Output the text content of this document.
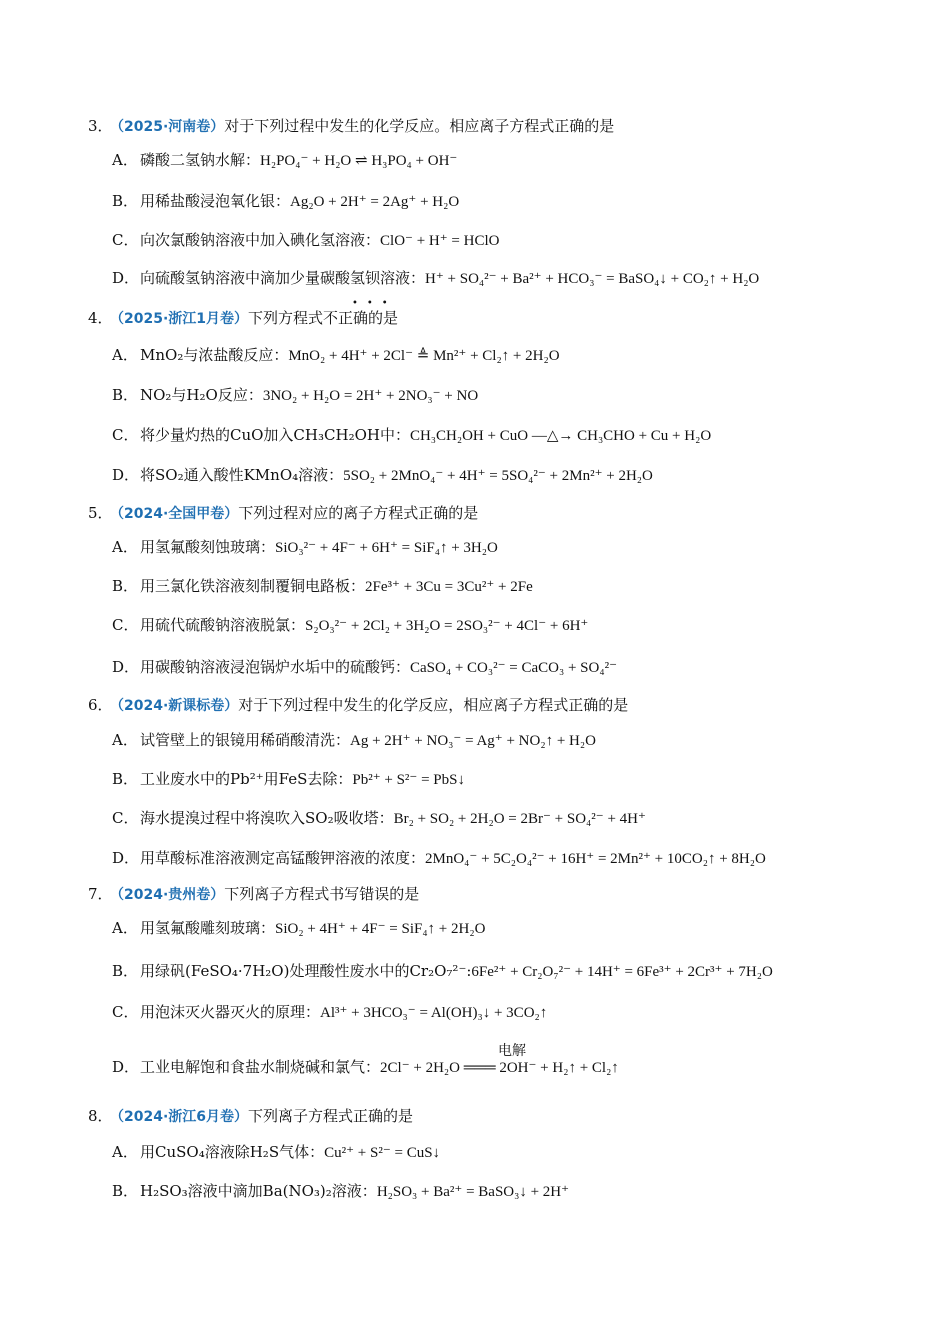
3．（2025·河南卷）对于下列过程中发生的化学反应。相应离子方程式正确的是
A． 磷酸二氢钠水解：H₂PO₄⁻ + H₂O ⇌ H₃PO₄ + OH⁻
B． 用稀盐酸浸泡氧化银：Ag₂O + 2H⁺ = 2Ag⁺ + H₂O
C． 向次氯酸钠溶液中加入碘化氢溶液：ClO⁻ + H⁺ = HClO
D．向硫酸氢钠溶液中滴加少量碳酸氢钡溶液：H⁺ + SO₄²⁻ + Ba²⁺ + HCO₃⁻ = BaSO₄↓ + CO₂↑ + H₂O
•••
4．（2025·浙江1月卷）下列方程式不正确的是
A． MnO₂与浓盐酸反应：MnO₂ + 4H⁺ + 2Cl⁻ ≜ Mn²⁺ + Cl₂↑ + 2H₂O
B． NO₂与H₂O反应：3NO₂ + H₂O = 2H⁺ + 2NO₃⁻ + NO
C． 将少量灼热的CuO加入CH₃CH₂OH中：CH₃CH₂OH + CuO ―△→ CH₃CHO + Cu + H₂O
D．将SO₂通入酸性KMnO₄溶液：5SO₂ + 2MnO₄⁻ + 4H⁺ = 5SO₄²⁻ + 2Mn²⁺ + 2H₂O
5．（2024·全国甲卷）下列过程对应的离子方程式正确的是
A． 用氢氟酸刻蚀玻璃：SiO₃²⁻ + 4F⁻ + 6H⁺ = SiF₄↑ + 3H₂O
B． 用三氯化铁溶液刻制覆铜电路板：2Fe³⁺ + 3Cu = 3Cu²⁺ + 2Fe
C． 用硫代硫酸钠溶液脱氯：S₂O₃²⁻ + 2Cl₂ + 3H₂O = 2SO₃²⁻ + 4Cl⁻ + 6H⁺
D．用碳酸钠溶液浸泡锅炉水垢中的硫酸钙：CaSO₄ + CO₃²⁻ = CaCO₃ + SO₄²⁻
6．（2024·新课标卷）对于下列过程中发生的化学反应，相应离子方程式正确的是
A． 试管壁上的银镜用稀硝酸清洗：Ag + 2H⁺ + NO₃⁻ = Ag⁺ + NO₂↑ + H₂O
B． 工业废水中的Pb²⁺用FeS去除：Pb²⁺ + S²⁻ = PbS↓
C． 海水提溴过程中将溴吹入SO₂吸收塔：Br₂ + SO₂ + 2H₂O = 2Br⁻ + SO₄²⁻ + 4H⁺
D．用草酸标准溶液测定高锰酸钾溶液的浓度：2MnO₄⁻ + 5C₂O₄²⁻ + 16H⁺ = 2Mn²⁺ + 10CO₂↑ + 8H₂O
7．（2024·贵州卷）下列离子方程式书写错误的是
A． 用氢氟酸雕刻玻璃：SiO₂ + 4H⁺ + 4F⁻ = SiF₄↑ + 2H₂O
B． 用绿矾(FeSO₄·7H₂O)处理酸性废水中的Cr₂O₇²⁻:6Fe²⁺ + Cr₂O₇²⁻ + 14H⁺ = 6Fe³⁺ + 2Cr³⁺ + 7H₂O
C． 用泡沫灭火器灭火的原理：Al³⁺ + 3HCO₃⁻ = Al(OH)₃↓ + 3CO₂↑
电解
D．工业电解饱和食盐水制烧碱和氯气：2Cl⁻ + 2H₂O ═══ 2OH⁻ + H₂↑ + Cl₂↑
8．（2024·浙江6月卷）下列离子方程式正确的是
A． 用CuSO₄溶液除H₂S气体：Cu²⁺ + S²⁻ = CuS↓
B． H₂SO₃溶液中滴加Ba(NO₃)₂溶液：H₂SO₃ + Ba²⁺ = BaSO₃↓ + 2H⁺
